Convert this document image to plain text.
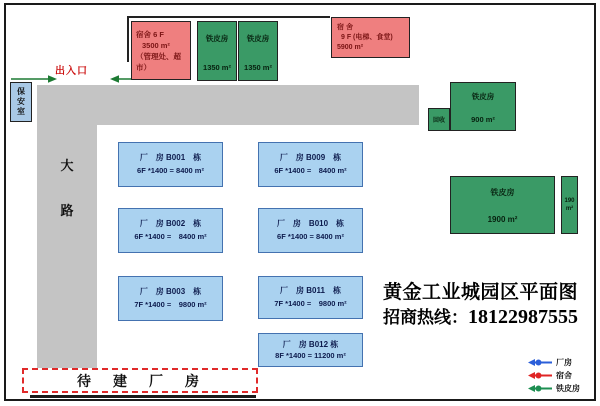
大
路
出入口
保安室
宿舍 6 F
3500 m²
（管理处、超
市）
铁皮房
1350 m²
铁皮房
1350 m²
宿 舍
9 F (电梯、食堂)
5900 m²
铁皮房
900 m²
回收
铁皮房
1900 m²
190
m²
厂　房 B001　栋
6F *1400 = 8400 m²
厂　房 B002　栋
6F *1400 =　8400 m²
厂　房 B003　栋
7F *1400 =　9800 m²
厂　房 B009　栋
6F *1400 =　8400 m²
厂　房　B010　栋
6F *1400 = 8400 m²
厂　房 B011　栋
7F *1400 =　9800 m²
厂　房 B012 栋
8F *1400 = 11200 m²
黄金工业城园区平面图
招商热线：18122987555
厂房
宿舍
铁皮房
待　建　厂　房
